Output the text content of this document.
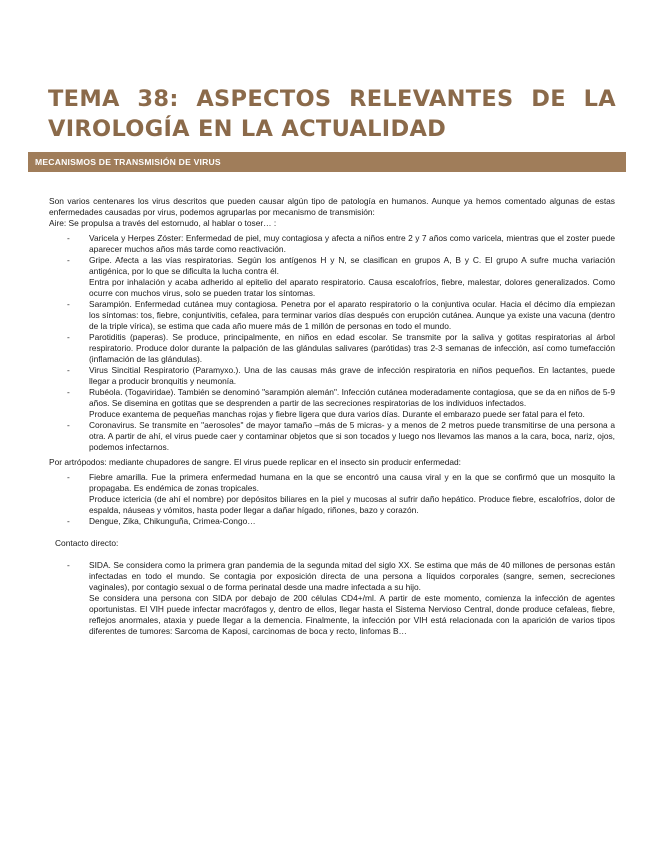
TEMA 38: ASPECTOS RELEVANTES DE LA
VIROLOGÍA EN LA ACTUALIDAD
MECANISMOS DE TRANSMISIÓN DE VIRUS

Son varios centenares los virus descritos que pueden causar algún tipo de patología en humanos. Aunque ya hemos comentado algunas de estas enfermedades causadas por virus, podemos agruparlas por mecanismo de transmisión:

Aire: Se propulsa a través del estornudo, al hablar o toser… :

- Varicela y Herpes Zóster: Enfermedad de piel, muy contagiosa y afecta a niños entre 2 y 7 años como varicela, mientras que el zoster puede aparecer muchos años más tarde como reactivación.
- Gripe. Afecta a las vías respiratorias. Según los antígenos H y N, se clasifican en grupos A, B y C. El grupo A sufre mucha variación antigénica, por lo que se dificulta la lucha contra él.
Entra por inhalación y acaba adherido al epitelio del aparato respiratorio. Causa escalofríos, fiebre, malestar, dolores generalizados. Como ocurre con muchos virus, solo se pueden tratar los síntomas.
- Sarampión. Enfermedad cutánea muy contagiosa. Penetra por el aparato respiratorio o la conjuntiva ocular. Hacia el décimo día empiezan los síntomas: tos, fiebre, conjuntivitis, cefalea, para terminar varios días después con erupción cutánea. Aunque ya existe una vacuna (dentro de la triple vírica), se estima que cada año muere más de 1 millón de personas en todo el mundo.
- Parotiditis (paperas). Se produce, principalmente, en niños en edad escolar. Se transmite por la saliva y gotitas respiratorias al árbol respiratorio. Produce dolor durante la palpación de las glándulas salivares (parótidas) tras 2-3 semanas de infección, así como tumefacción (inflamación de las glándulas).
- Virus Sincitial Respiratorio (Paramyxo.). Una de las causas más grave de infección respiratoria en niños pequeños. En lactantes, puede llegar a producir bronquitis y neumonía.
- Rubéola. (Togaviridae). También se denominó "sarampión alemán". Infección cutánea moderadamente contagiosa, que se da en niños de 5-9 años. Se disemina en gotitas que se desprenden a partir de las secreciones respiratorias de los individuos infectados.
Produce exantema de pequeñas manchas rojas y fiebre ligera que dura varios días. Durante el embarazo puede ser fatal para el feto.
- Coronavirus. Se transmite en "aerosoles" de mayor tamaño –más de 5 micras- y a menos de 2 metros puede transmitirse de una persona a otra. A partir de ahí, el virus puede caer y contaminar objetos que si son tocados y luego nos llevamos las manos a la cara, boca, nariz, ojos, podemos infectarnos.

Por artrópodos: mediante chupadores de sangre. El virus puede replicar en el insecto sin producir enfermedad:

- Fiebre amarilla. Fue la primera enfermedad humana en la que se encontró una causa viral y en la que se confirmó que un mosquito la propagaba. Es endémica de zonas tropicales.
Produce ictericia (de ahí el nombre) por depósitos biliares en la piel y mucosas al sufrir daño hepático. Produce fiebre, escalofríos, dolor de espalda, náuseas y vómitos, hasta poder llegar a dañar hígado, riñones, bazo y corazón.
- Dengue, Zika, Chikunguña, Crimea-Congo…

Contacto directo:

- SIDA. Se considera como la primera gran pandemia de la segunda mitad del siglo XX. Se estima que más de 40 millones de personas están infectadas en todo el mundo. Se contagia por exposición directa de una persona a líquidos corporales (sangre, semen, secreciones vaginales), por contagio sexual o de forma perinatal desde una madre infectada a su hijo.
Se considera una persona con SIDA por debajo de 200 células CD4+/ml. A partir de este momento, comienza la infección de agentes oportunistas. El VIH puede infectar macrófagos y, dentro de ellos, llegar hasta el Sistema Nervioso Central, donde produce cefaleas, fiebre, reflejos anormales, ataxia y puede llegar a la demencia. Finalmente, la infección por VIH está relacionada con la aparición de varios tipos diferentes de tumores: Sarcoma de Kaposi, carcinomas de boca y recto, linfomas B…
